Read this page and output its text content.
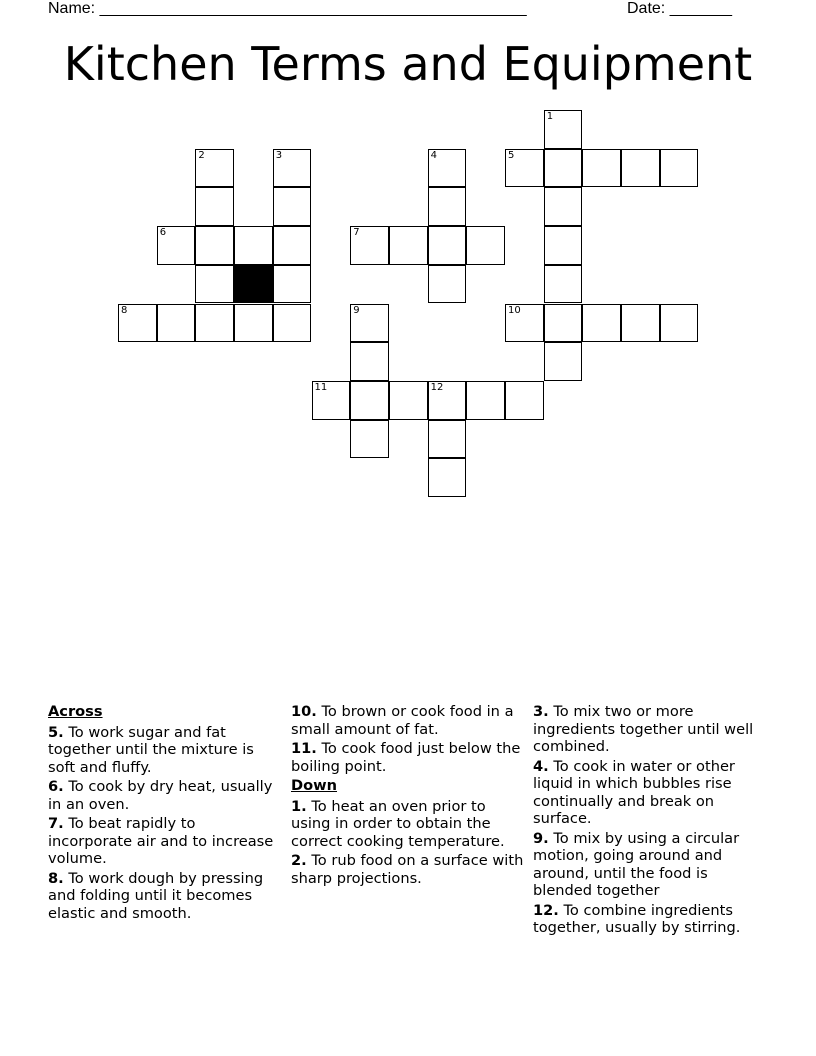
Name: ________________________________________________	Date: _______
Kitchen Terms and Equipment
1
2	3	4	5
6	7
8	9	10
11	12
Across
5. To work sugar and fat together until the mixture is soft and fluffy.
6. To cook by dry heat, usually in an oven.
7. To beat rapidly to incorporate air and to increase volume.
8. To work dough by pressing and folding until it becomes elastic and smooth.
10. To brown or cook food in a small amount of fat.
11. To cook food just below the boiling point.
Down
1. To heat an oven prior to using in order to obtain the correct cooking temperature.
2. To rub food on a surface with sharp projections.
3. To mix two or more ingredients together until well combined.
4. To cook in water or other liquid in which bubbles rise continually and break on surface.
9. To mix by using a circular motion, going around and around, until the food is blended together
12. To combine ingredients together, usually by stirring.
